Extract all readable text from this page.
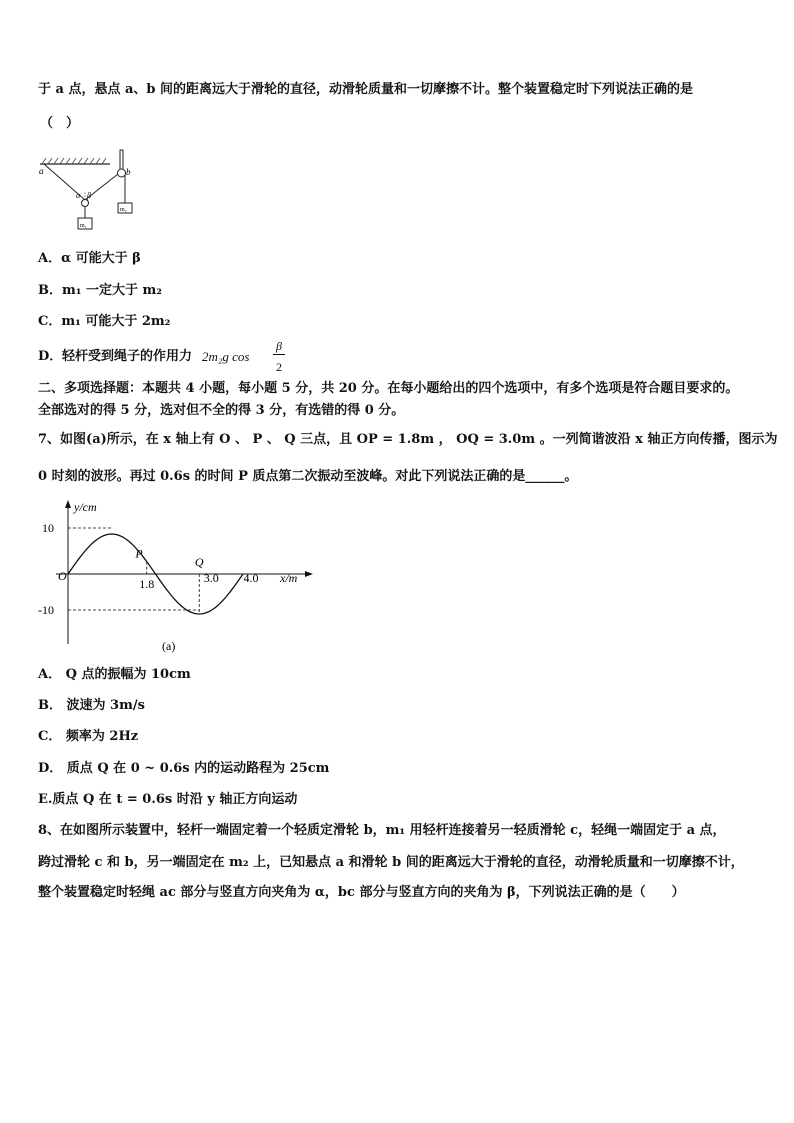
于 a 点，悬点 a、b 间的距离远大于滑轮的直径，动滑轮质量和一切摩擦不计。整个装置稳定时下列说法正确的是
（　）
a	b
α β
m₁
m₂
A．α 可能大于 β
B．m₁ 一定大于 m₂
C．m₁ 可能大于 2m₂
D． 轻杆受到绳子的作用力 2m₂g cos
β
2
二、多项选择题：本题共 4 小题，每小题 5 分，共 20 分。在每小题给出的四个选项中，有多个选项是符合题目要求的。
全部选对的得 5 分，选对但不全的得 3 分，有选错的得 0 分。
7、如图(a)所示，在 x 轴上有 O 、 P 、 Q 三点，且 OP = 1.8m ， OQ = 3.0m 。一列简谐波沿 x 轴正方向传播，图示为
0 时刻的波形。再过 0.6s 的时间 P 质点第二次振动至波峰。对此下列说法正确的是______。
y/cm
x/m
O
10
-10
1.8	3.0 4.0
P
Q
(a)
A． Q 点的振幅为 10cm
B． 波速为 3m/s
C． 频率为 2Hz
D． 质点 Q 在 0 ~ 0.6s 内的运动路程为 25cm
E.质点 Q 在 t = 0.6s 时沿 y 轴正方向运动
8、在如图所示装置中，轻杆一端固定着一个轻质定滑轮 b，m₁ 用轻杆连接着另一轻质滑轮 c，轻绳一端固定于 a 点，
跨过滑轮 c 和 b，另一端固定在 m₂ 上，已知悬点 a 和滑轮 b 间的距离远大于滑轮的直径，动滑轮质量和一切摩擦不计，
整个装置稳定时轻绳 ac 部分与竖直方向夹角为 α，bc 部分与竖直方向的夹角为 β，下列说法正确的是（　　）
